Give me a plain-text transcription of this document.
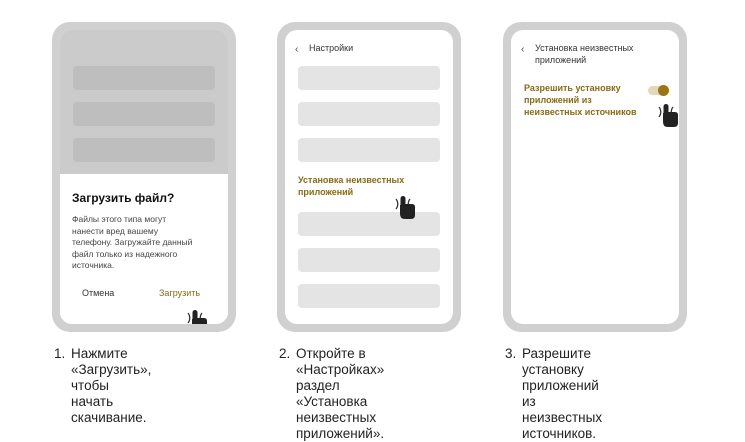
Загрузить файл?
Файлы этого типа могут
нанести вред вашему
телефону. Загружайте данный
файл только из надежного
источника.
Отмена	Загрузить
1. Нажмите «Загрузить»,
чтобы начать
скачивание.
‹ Настройки
Установка неизвестных
приложений
2. Откройте в
«Настройках» раздел
«Установка неизвестных
приложений».
‹ Установка неизвестных
приложений
Разрешить установку
приложений из
неизвестных источников
3. Разрешите установку
приложений из
неизвестных
источников.
